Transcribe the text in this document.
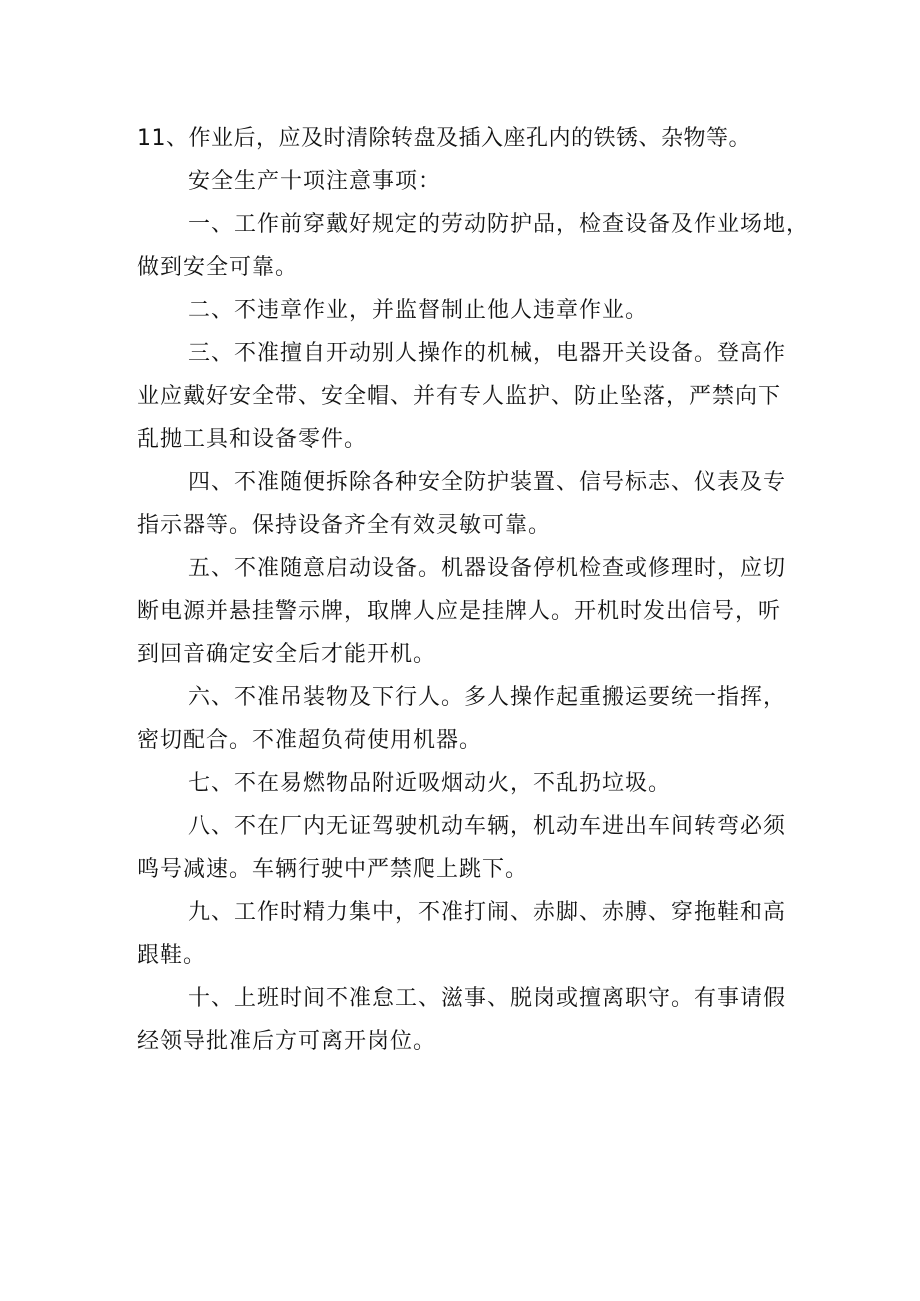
11、作业后，应及时清除转盘及插入座孔内的铁锈、杂物等。

安全生产十项注意事项：

一、工作前穿戴好规定的劳动防护品，检查设备及作业场地，

做到安全可靠。

二、不违章作业，并监督制止他人违章作业。

三、不准擅自开动别人操作的机械，电器开关设备。登高作

业应戴好安全带、安全帽、并有专人监护、防止坠落，严禁向下

乱抛工具和设备零件。

四、不准随便拆除各种安全防护装置、信号标志、仪表及专

指示器等。保持设备齐全有效灵敏可靠。

五、不准随意启动设备。机器设备停机检查或修理时，应切

断电源并悬挂警示牌，取牌人应是挂牌人。开机时发出信号，听

到回音确定安全后才能开机。

六、不准吊装物及下行人。多人操作起重搬运要统一指挥，

密切配合。不准超负荷使用机器。

七、不在易燃物品附近吸烟动火，不乱扔垃圾。

八、不在厂内无证驾驶机动车辆，机动车进出车间转弯必须

鸣号减速。车辆行驶中严禁爬上跳下。

九、工作时精力集中，不准打闹、赤脚、赤膊、穿拖鞋和高

跟鞋。

十、上班时间不准怠工、滋事、脱岗或擅离职守。有事请假

经领导批准后方可离开岗位。
